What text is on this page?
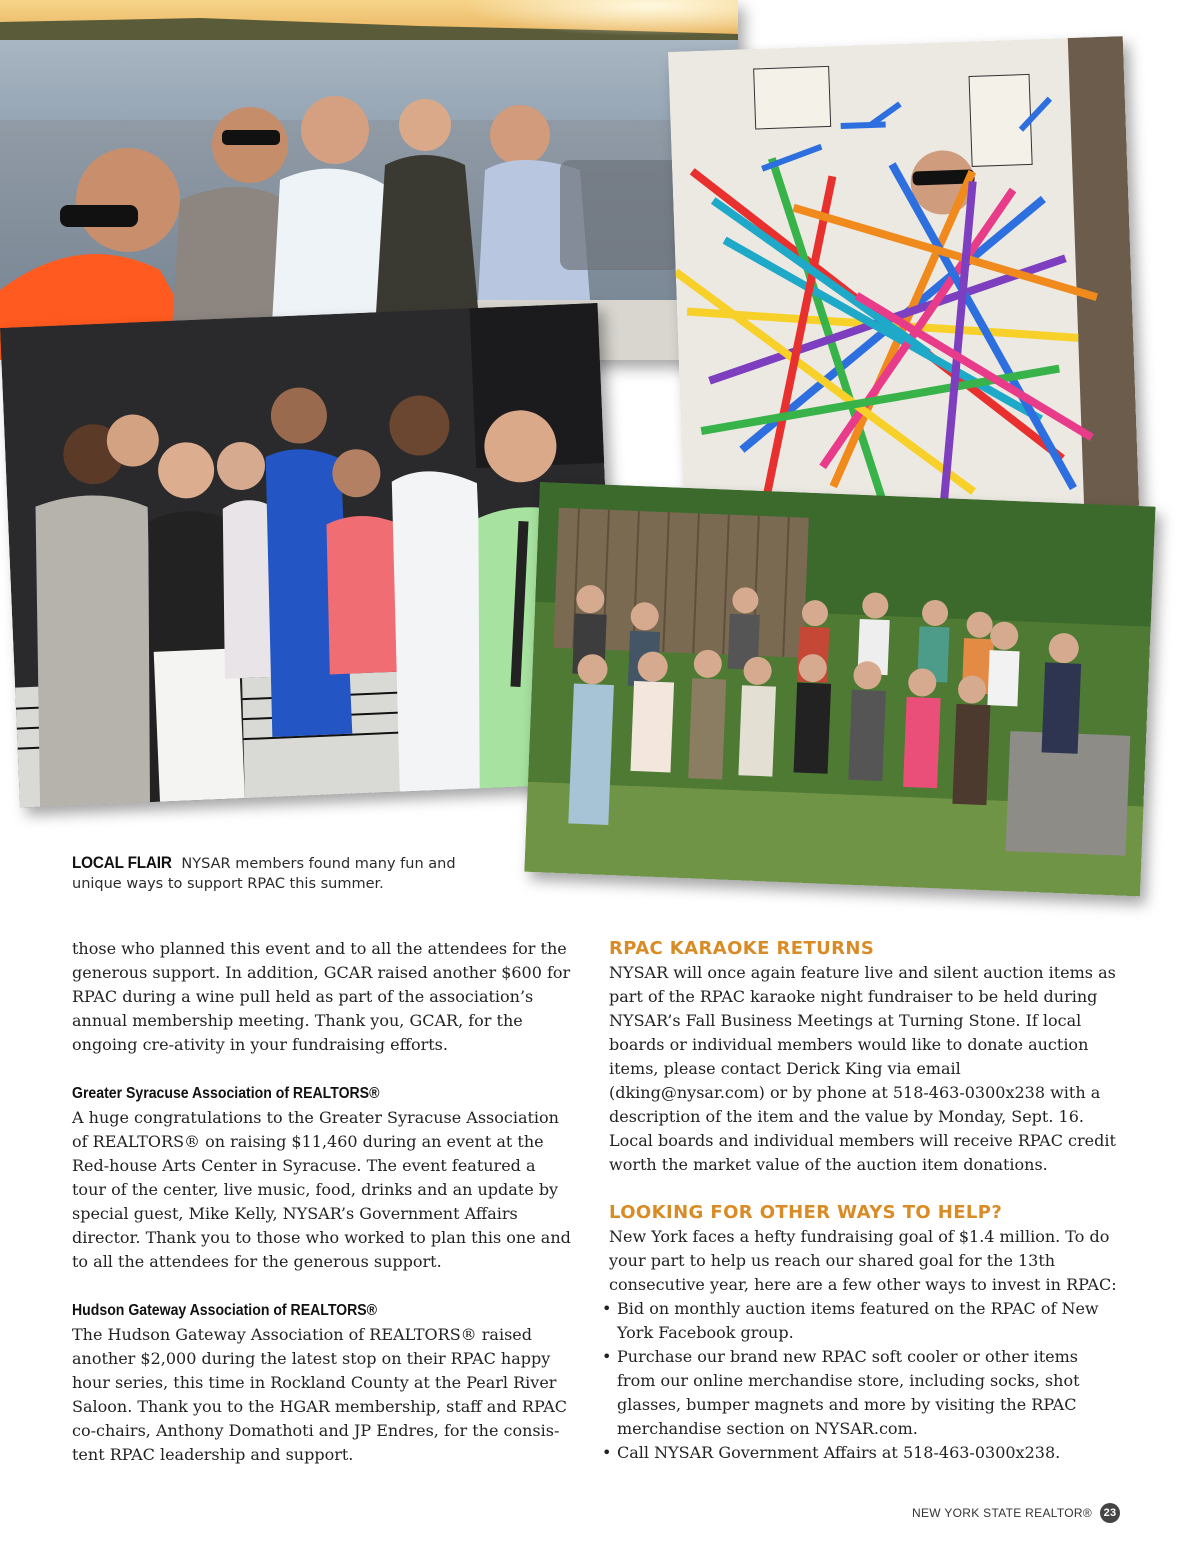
LOCAL FLAIR NYSAR members found many fun and unique ways to support RPAC this summer.

those who planned this event and to all the attendees for the generous support. In addition, GCAR raised another $600 for RPAC during a wine pull held as part of the association’s annual membership meeting. Thank you, GCAR, for the ongoing cre-ativity in your fundraising efforts.

Greater Syracuse Association of REALTORS®

A huge congratulations to the Greater Syracuse Association of REALTORS® on raising $11,460 during an event at the Red-house Arts Center in Syracuse. The event featured a tour of the center, live music, food, drinks and an update by special guest, Mike Kelly, NYSAR’s Government Affairs director. Thank you to those who worked to plan this one and to all the attendees for the generous support.

Hudson Gateway Association of REALTORS®

The Hudson Gateway Association of REALTORS® raised another $2,000 during the latest stop on their RPAC happy hour series, this time in Rockland County at the Pearl River Saloon. Thank you to the HGAR membership, staff and RPAC co-chairs, Anthony Domathoti and JP Endres, for the consis-tent RPAC leadership and support.

RPAC KARAOKE RETURNS

NYSAR will once again feature live and silent auction items as part of the RPAC karaoke night fundraiser to be held during NYSAR’s Fall Business Meetings at Turning Stone. If local boards or individual members would like to donate auction items, please contact Derick King via email (dking@nysar.com) or by phone at 518-463-0300x238 with a description of the item and the value by Monday, Sept. 16. Local boards and individual members will receive RPAC credit worth the market value of the auction item donations.

LOOKING FOR OTHER WAYS TO HELP?

New York faces a hefty fundraising goal of $1.4 million. To do your part to help us reach our shared goal for the 13th consecutive year, here are a few other ways to invest in RPAC:

• Bid on monthly auction items featured on the RPAC of New York Facebook group.
• Purchase our brand new RPAC soft cooler or other items from our online merchandise store, including socks, shot glasses, bumper magnets and more by visiting the RPAC merchandise section on NYSAR.com.
• Call NYSAR Government Affairs at 518-463-0300x238.
NEW YORK STATE REALTOR®	23
